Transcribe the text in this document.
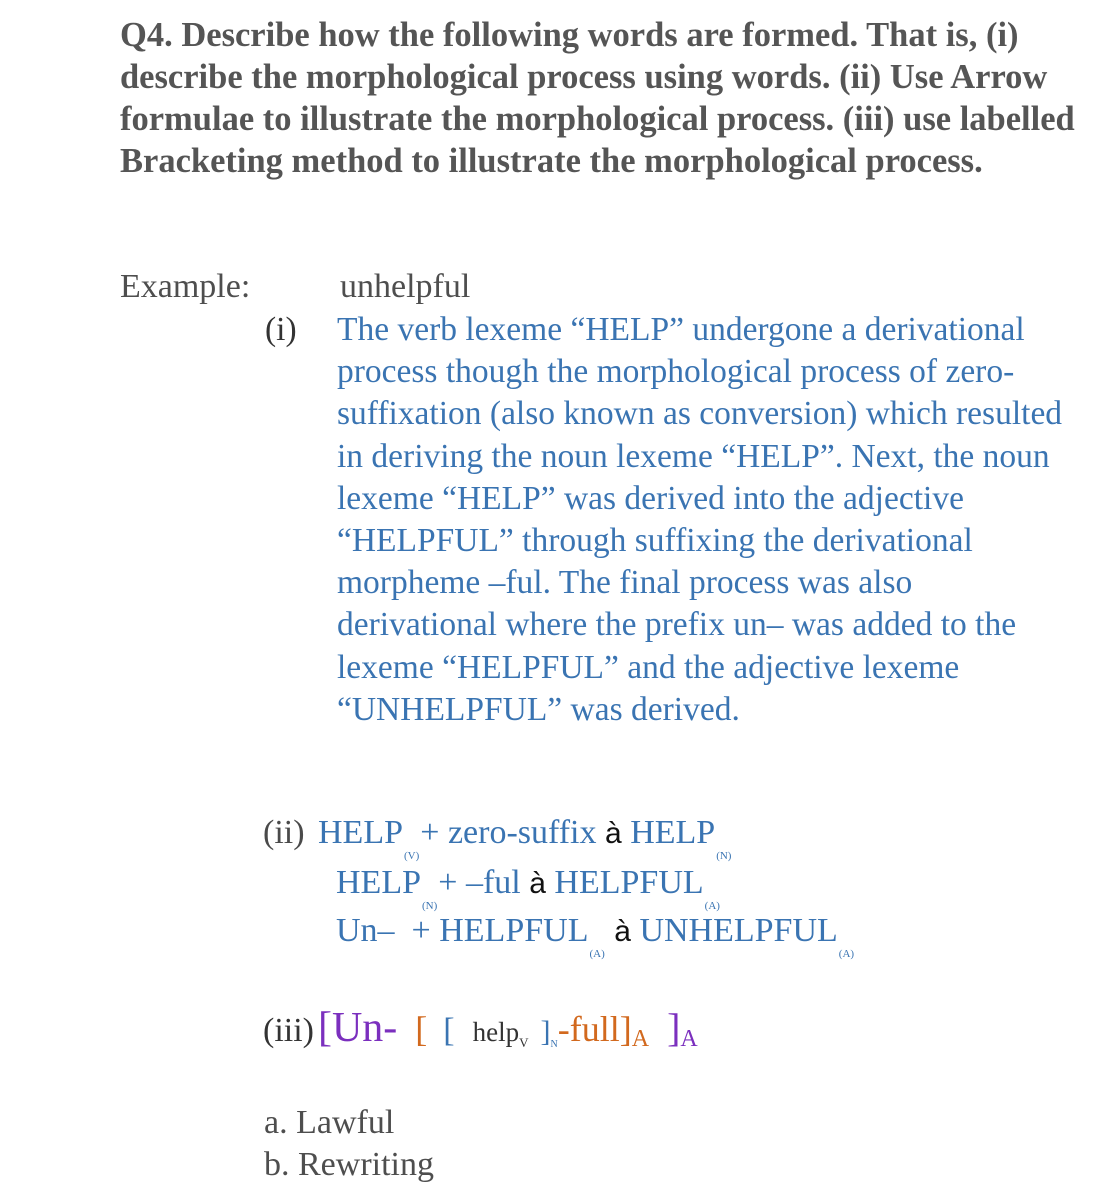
Q4. Describe how the following words are formed. That is, (i) describe the morphological process using words. (ii) Use Arrow formulae to illustrate the morphological process. (iii) use labelled Bracketing method to illustrate the morphological process.
Example:	unhelpful
(i) The verb lexeme “HELP” undergone a derivational process though the morphological process of zero-suffixation (also known as conversion) which resulted in deriving the noun lexeme “HELP”. Next, the noun lexeme “HELP” was derived into the adjective “HELPFUL” through suffixing the derivational morpheme –ful. The final process was also derivational where the prefix un– was added to the lexeme “HELPFUL” and the adjective lexeme “UNHELPFUL” was derived.
(ii) $HELP_{(V)}+$ zero-suffix à $HELP_{(N)}$
$HELP_{(N)}+ -ful$ à $HELPFUL_{(A)}$
$Un- + HELPFUL_{(A)}$ à $UNHELPFUL_{(A)}$
(iii) [Un- [ [ help$_V$ ]$_N-full]A$ ]A
a. Lawful
b. Rewriting
